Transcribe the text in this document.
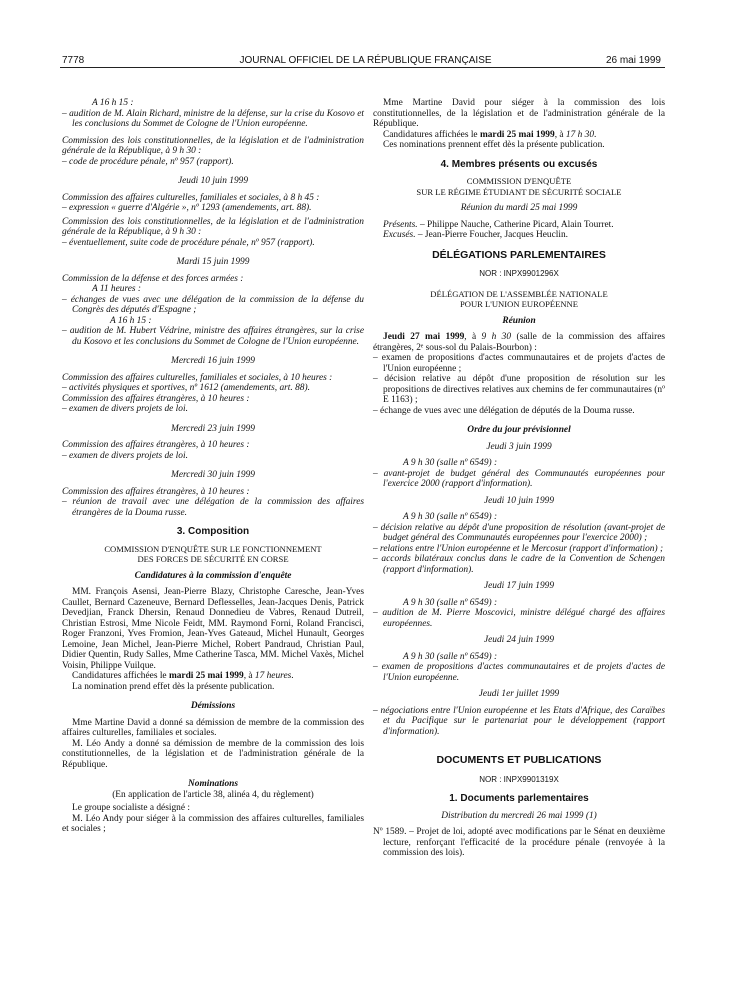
7778	JOURNAL OFFICIEL DE LA RÉPUBLIQUE FRANÇAISE	26 mai 1999

A 16 h 15 :

– audition de M. Alain Richard, ministre de la défense, sur la crise du Kosovo et les conclusions du Sommet de Cologne de l'Union européenne.

Commission des lois constitutionnelles, de la législation et de l'administration générale de la République, à 9 h 30 :

– code de procédure pénale, nº 957 (rapport).

Jeudi 10 juin 1999

Commission des affaires culturelles, familiales et sociales, à 8 h 45 :

– expression « guerre d'Algérie », nº 1293 (amendements, art. 88).

Commission des lois constitutionnelles, de la législation et de l'administration générale de la République, à 9 h 30 :

– éventuellement, suite code de procédure pénale, nº 957 (rapport).

Mardi 15 juin 1999

Commission de la défense et des forces armées :

A 11 heures :

– échanges de vues avec une délégation de la commission de la défense du Congrès des députés d'Espagne ;

A 16 h 15 :

– audition de M. Hubert Védrine, ministre des affaires étrangères, sur la crise du Kosovo et les conclusions du Sommet de Cologne de l'Union européenne.

Mercredi 16 juin 1999

Commission des affaires culturelles, familiales et sociales, à 10 heures :

– activités physiques et sportives, nº 1612 (amendements, art. 88).

Commission des affaires étrangères, à 10 heures :

– examen de divers projets de loi.

Mercredi 23 juin 1999

Commission des affaires étrangères, à 10 heures :

– examen de divers projets de loi.

Mercredi 30 juin 1999

Commission des affaires étrangères, à 10 heures :

– réunion de travail avec une délégation de la commission des affaires étrangères de la Douma russe.

3. Composition

COMMISSION D'ENQUÊTE SUR LE FONCTIONNEMENT

DES FORCES DE SÉCURITÉ EN CORSE

Candidatures à la commission d'enquête

MM. François Asensi, Jean-Pierre Blazy, Christophe Caresche, Jean-Yves Caullet, Bernard Cazeneuve, Bernard Deflesselles, Jean-Jacques Denis, Patrick Devedjian, Franck Dhersin, Renaud Donnedieu de Vabres, Renaud Dutreil, Christian Estrosi, Mme Nicole Feidt, MM. Raymond Forni, Roland Francisci, Roger Franzoni, Yves Fromion, Jean-Yves Gateaud, Michel Hunault, Georges Lemoine, Jean Michel, Jean-Pierre Michel, Robert Pandraud, Christian Paul, Didier Quentin, Rudy Salles, Mme Catherine Tasca, MM. Michel Vaxès, Michel Voisin, Philippe Vuilque.

Candidatures affichées le mardi 25 mai 1999, à 17 heures.

La nomination prend effet dès la présente publication.

Démissions

Mme Martine David a donné sa démission de membre de la commission des affaires culturelles, familiales et sociales.

M. Léo Andy a donné sa démission de membre de la commission des lois constitutionnelles, de la législation et de l'administration générale de la République.

Nominations

(En application de l'article 38, alinéa 4, du règlement)

Le groupe socialiste a désigné :

M. Léo Andy pour siéger à la commission des affaires culturelles, familiales et sociales ;

Mme Martine David pour siéger à la commission des lois constitutionnelles, de la législation et de l'administration générale de la République.

Candidatures affichées le mardi 25 mai 1999, à 17 h 30.

Ces nominations prennent effet dès la présente publication.

4. Membres présents ou excusés

COMMISSION D'ENQUÊTE

SUR LE RÉGIME ÉTUDIANT DE SÉCURITÉ SOCIALE

Réunion du mardi 25 mai 1999

Présents. – Philippe Nauche, Catherine Picard, Alain Tourret.

Excusés. – Jean-Pierre Foucher, Jacques Heuclin.

DÉLÉGATIONS PARLEMENTAIRES

NOR : INPX9901296X

DÉLÉGATION DE L'ASSEMBLÉE NATIONALE

POUR L'UNION EUROPÉENNE

Réunion

Jeudi 27 mai 1999, à 9 h 30 (salle de la commission des affaires étrangères, 2ᵉ sous-sol du Palais-Bourbon) :

– examen de propositions d'actes communautaires et de projets d'actes de l'Union européenne ;

– décision relative au dépôt d'une proposition de résolution sur les propositions de directives relatives aux chemins de fer communautaires (nº E 1163) ;

– échange de vues avec une délégation de députés de la Douma russe.

Ordre du jour prévisionnel

Jeudi 3 juin 1999

A 9 h 30 (salle nº 6549) :

– avant-projet de budget général des Communautés européennes pour l'exercice 2000 (rapport d'information).

Jeudi 10 juin 1999

A 9 h 30 (salle nº 6549) :

– décision relative au dépôt d'une proposition de résolution (avant-projet de budget général des Communautés européennes pour l'exercice 2000) ;

– relations entre l'Union européenne et le Mercosur (rapport d'information) ;

– accords bilatéraux conclus dans le cadre de la Convention de Schengen (rapport d'information).

Jeudi 17 juin 1999

A 9 h 30 (salle nº 6549) :

– audition de M. Pierre Moscovici, ministre délégué chargé des affaires européennes.

Jeudi 24 juin 1999

A 9 h 30 (salle nº 6549) :

– examen de propositions d'actes communautaires et de projets d'actes de l'Union européenne.

Jeudi 1er juillet 1999

– négociations entre l'Union européenne et les Etats d'Afrique, des Caraïbes et du Pacifique sur le partenariat pour le développement (rapport d'information).

DOCUMENTS ET PUBLICATIONS

NOR : INPX9901319X

1. Documents parlementaires

Distribution du mercredi 26 mai 1999 (1)

Nº 1589. – Projet de loi, adopté avec modifications par le Sénat en deuxième lecture, renforçant l'efficacité de la procédure pénale (renvoyée à la commission des lois).
